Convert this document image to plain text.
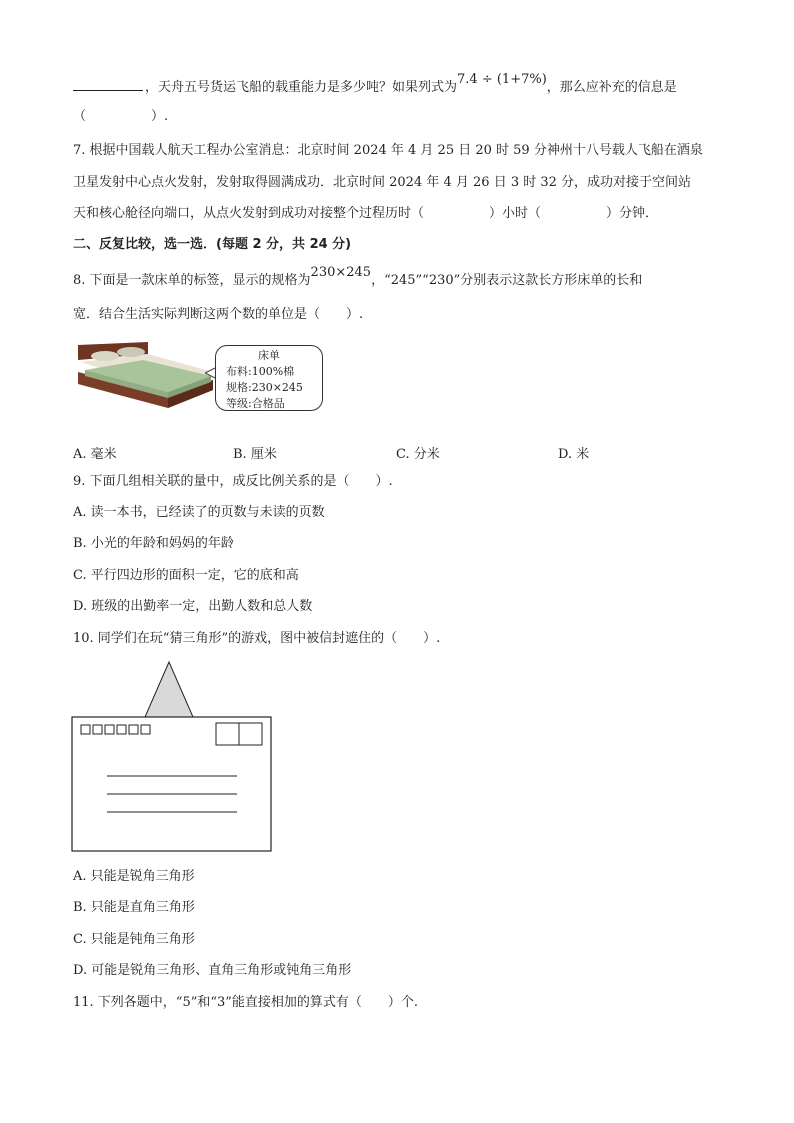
，天舟五号货运飞船的载重能力是多少吨？如果列式为7.4 ÷ (1+7%)，那么应补充的信息是
（　　　　　）.
7. 根据中国载人航天工程办公室消息：北京时间 2024 年 4 月 25 日 20 时 59 分神州十八号载人飞船在酒泉
卫星发射中心点火发射，发射取得圆满成功．北京时间 2024 年 4 月 26 日 3 时 32 分，成功对接于空间站
天和核心舱径向端口，从点火发射到成功对接整个过程历时（　　　　　）小时（　　　　　）分钟．
二、反复比较，选一选．(每题 2 分，共 24 分)
8. 下面是一款床单的标签，显示的规格为230×245，“245”“230”分别表示这款长方形床单的长和
宽．结合生活实际判断这两个数的单位是（　　）.
床单
布料:100%棉
规格:230×245
等级:合格品
A. 毫米	B. 厘米	C. 分米	D. 米
9. 下面几组相关联的量中，成反比例关系的是（　　）.
A. 读一本书，已经读了的页数与未读的页数
B. 小光的年龄和妈妈的年龄
C. 平行四边形的面积一定，它的底和高
D. 班级的出勤率一定，出勤人数和总人数
10. 同学们在玩“猜三角形”的游戏，图中被信封遮住的（　　）.
A. 只能是锐角三角形
B. 只能是直角三角形
C. 只能是钝角三角形
D. 可能是锐角三角形、直角三角形或钝角三角形
11. 下列各题中，“5”和“3”能直接相加的算式有（　　）个.
